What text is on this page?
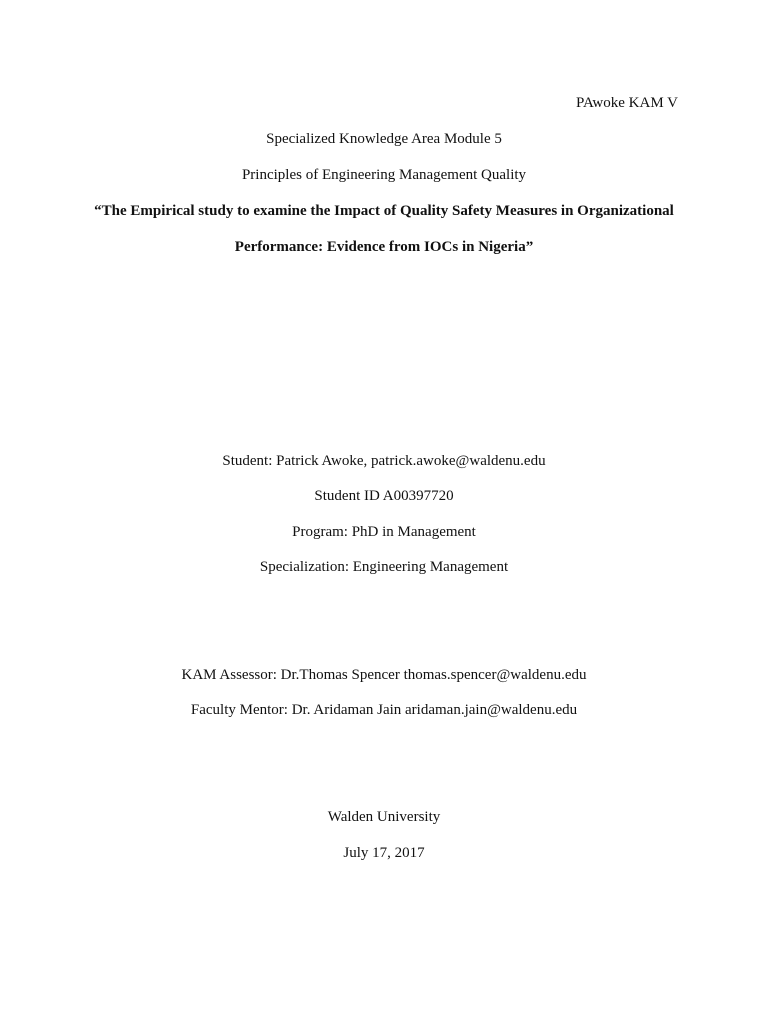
PAwoke KAM V
Specialized Knowledge Area Module 5
Principles of Engineering Management Quality
“The Empirical study to examine the Impact of Quality Safety Measures in Organizational
Performance: Evidence from IOCs in Nigeria”
Student: Patrick Awoke, patrick.awoke@waldenu.edu
Student ID A00397720
Program: PhD in Management
Specialization: Engineering Management
KAM Assessor: Dr.Thomas Spencer thomas.spencer@waldenu.edu
Faculty Mentor: Dr. Aridaman Jain aridaman.jain@waldenu.edu
Walden University
July 17, 2017
